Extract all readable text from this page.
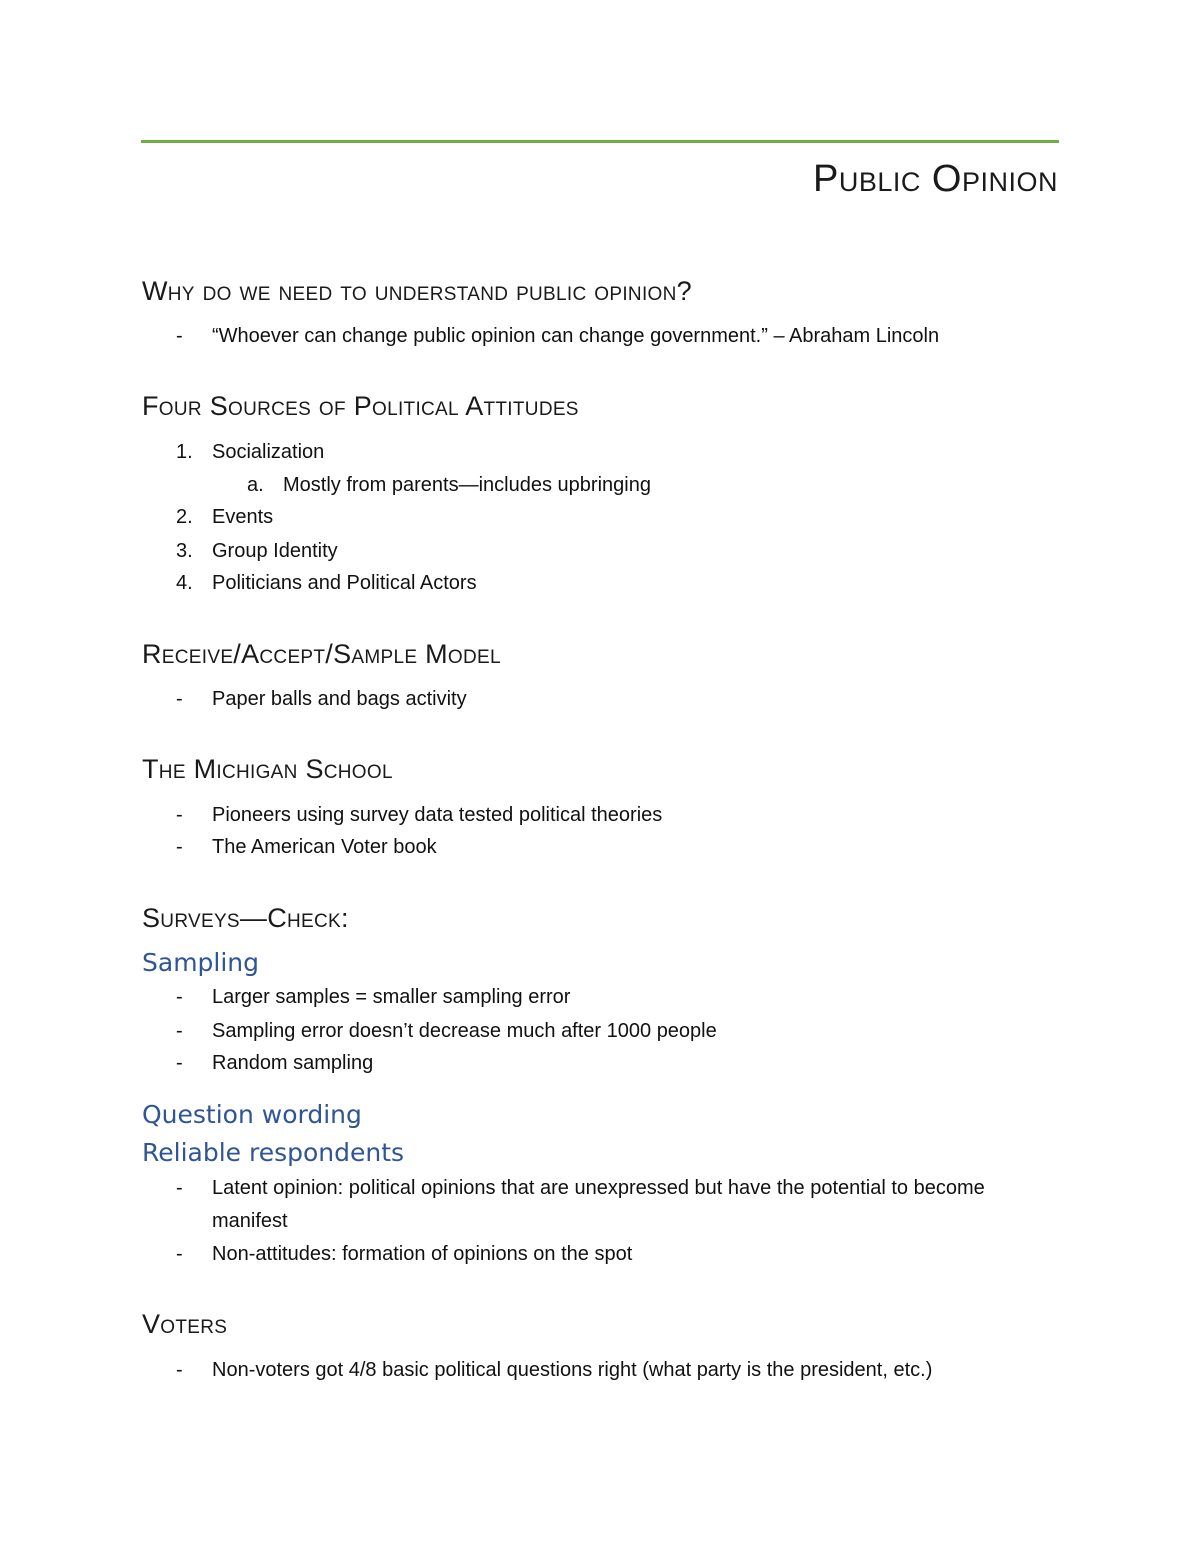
Public Opinion
Why do we need to understand public opinion?
- “Whoever can change public opinion can change government.” – Abraham Lincoln
Four Sources of Political Attitudes
1. Socialization
a. Mostly from parents—includes upbringing
2. Events
3. Group Identity
4. Politicians and Political Actors
Receive/Accept/Sample Model
- Paper balls and bags activity
The Michigan School
- Pioneers using survey data tested political theories
- The American Voter book
Surveys—Check:
Sampling
- Larger samples = smaller sampling error
- Sampling error doesn’t decrease much after 1000 people
- Random sampling
Question wording
Reliable respondents
- Latent opinion: political opinions that are unexpressed but have the potential to become
manifest
- Non-attitudes: formation of opinions on the spot
Voters
- Non-voters got 4/8 basic political questions right (what party is the president, etc.)
